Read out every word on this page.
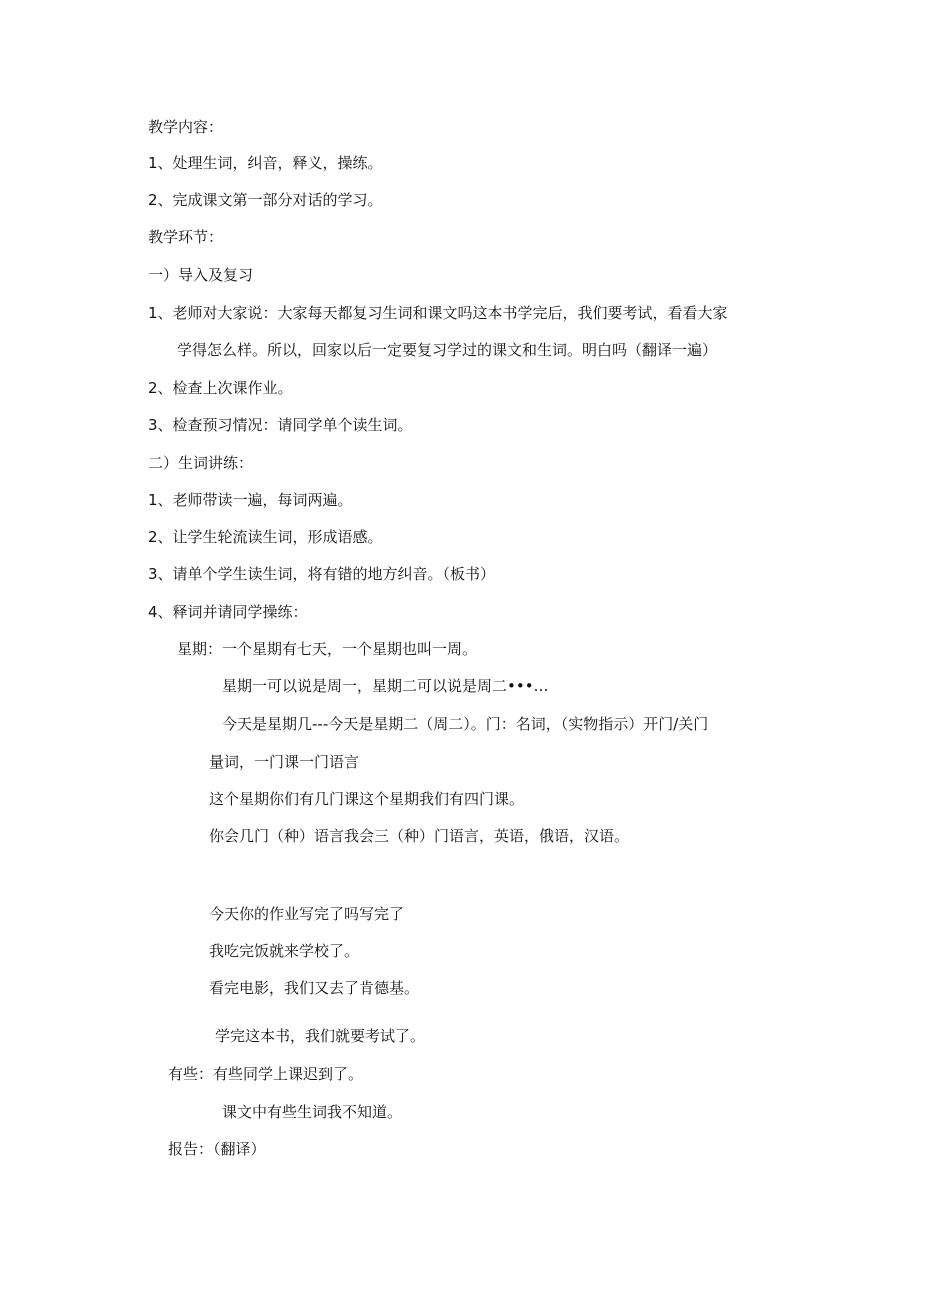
教学内容：
1、处理生词，纠音，释义，操练。
2、完成课文第一部分对话的学习。
教学环节：
一）导入及复习
1、老师对大家说：大家每天都复习生词和课文吗这本书学完后，我们要考试，看看大家
学得怎么样。所以，回家以后一定要复习学过的课文和生词。明白吗（翻译一遍）
2、检查上次课作业。
3、检查预习情况：请同学单个读生词。
二）生词讲练：
1、老师带读一遍，每词两遍。
2、让学生轮流读生词，形成语感。
3、请单个学生读生词，将有错的地方纠音。（板书）
4、释词并请同学操练：
星期：一个星期有七天，一个星期也叫一周。
星期一可以说是周一，星期二可以说是周二•••…
今天是星期几---今天是星期二（周二）。门：名词，（实物指示）开门/关门
量词，一门课一门语言
这个星期你们有几门课这个星期我们有四门课。
你会几门（种）语言我会三（种）门语言，英语，俄语，汉语。
今天你的作业写完了吗写完了
我吃完饭就来学校了。
看完电影，我们又去了肯德基。
学完这本书，我们就要考试了。
有些：有些同学上课迟到了。
课文中有些生词我不知道。
报告：（翻译）
